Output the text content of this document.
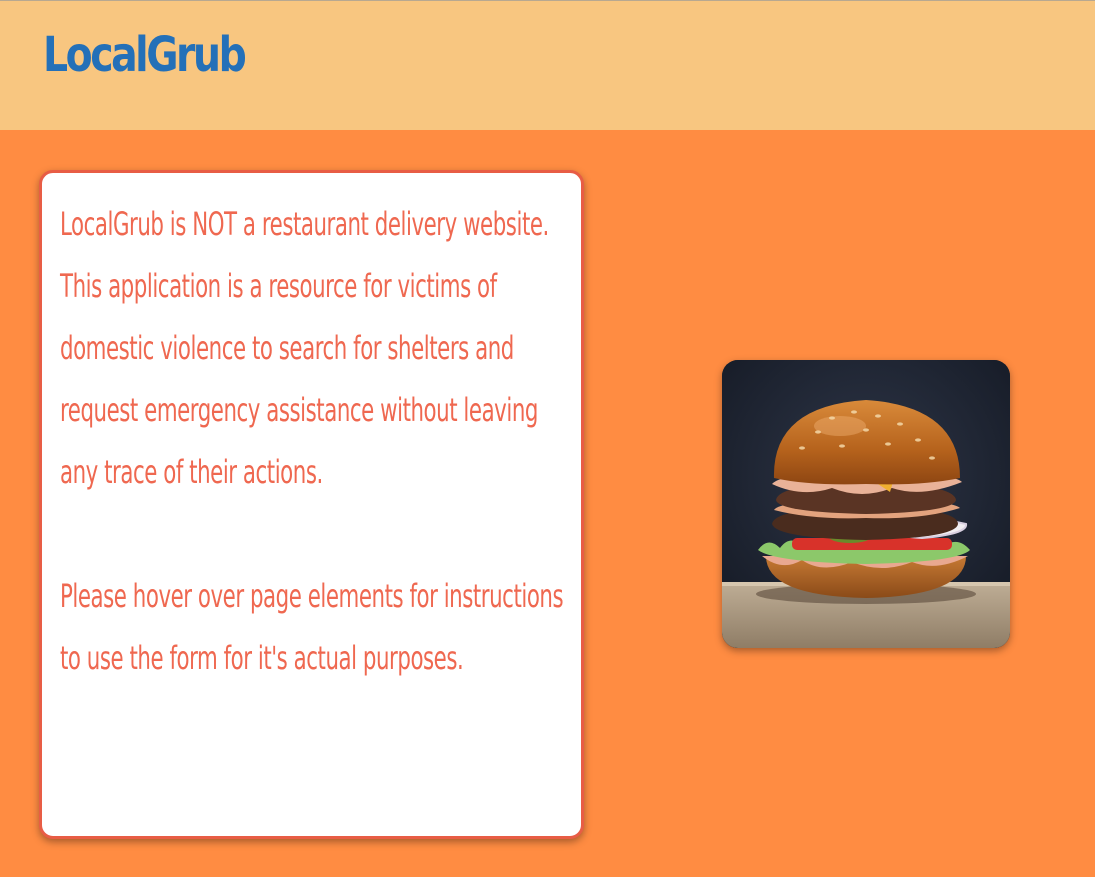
LocalGrub

LocalGrub is NOT a restaurant delivery website. This application is a resource for victims of domestic violence to search for shelters and request emergency assistance without leaving any trace of their actions.

Please hover over page elements for instructions to use the form for it's actual purposes.
